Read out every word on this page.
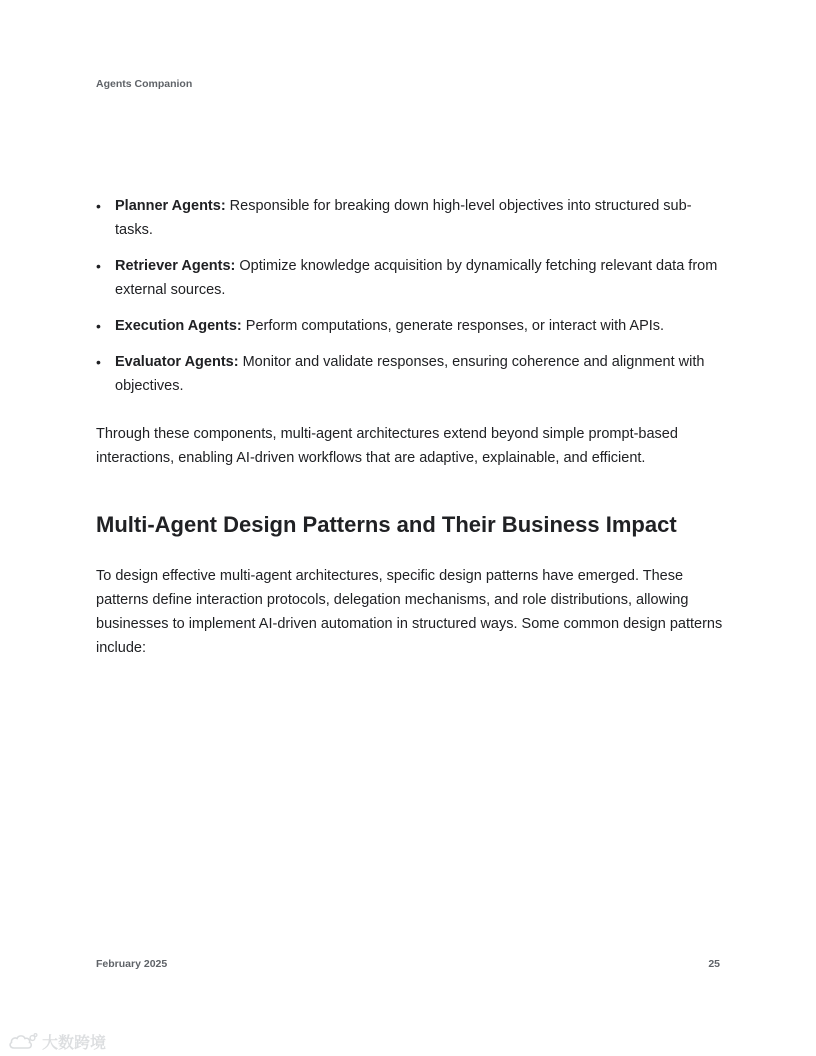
Agents Companion
• Planner Agents: Responsible for breaking down high-level objectives into structured sub-tasks.
• Retriever Agents: Optimize knowledge acquisition by dynamically fetching relevant data from external sources.
• Execution Agents: Perform computations, generate responses, or interact with APIs.
• Evaluator Agents: Monitor and validate responses, ensuring coherence and alignment with objectives.

Through these components, multi-agent architectures extend beyond simple prompt-based interactions, enabling AI-driven workflows that are adaptive, explainable, and efficient.

Multi-Agent Design Patterns and Their Business Impact

To design effective multi-agent architectures, specific design patterns have emerged. These patterns define interaction protocols, delegation mechanisms, and role distributions, allowing businesses to implement AI-driven automation in structured ways. Some common design patterns include:

February 2025	25
大数跨境
